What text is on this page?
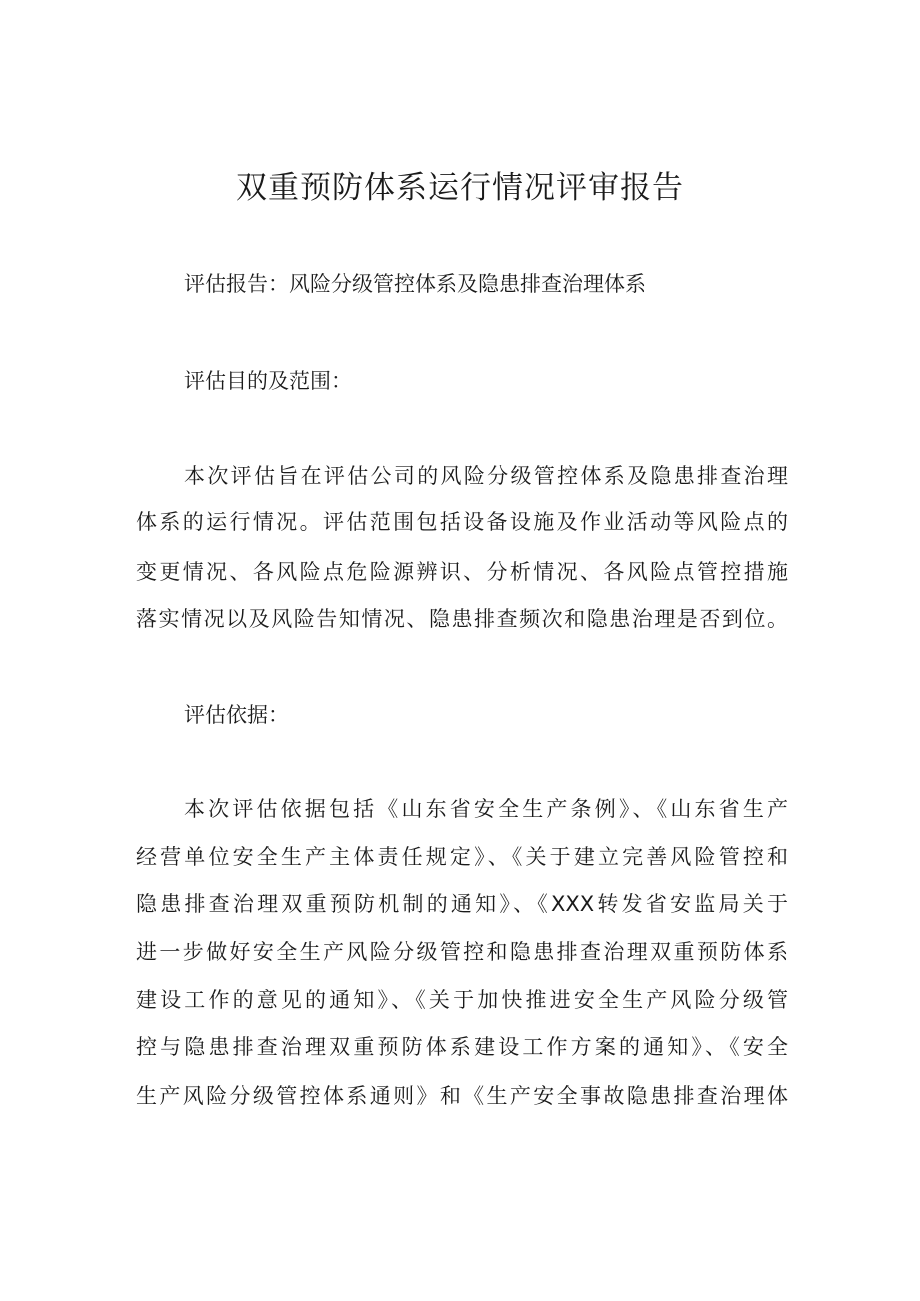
双重预防体系运行情况评审报告
评估报告：风险分级管控体系及隐患排查治理体系
评估目的及范围：
本次评估旨在评估公司的风险分级管控体系及隐患排查治理
体系的运行情况。评估范围包括设备设施及作业活动等风险点的
变更情况、各风险点危险源辨识、分析情况、各风险点管控措施
落实情况以及风险告知情况、隐患排查频次和隐患治理是否到位。
评估依据：
本次评估依据包括《山东省安全生产条例》、《山东省生产
经营单位安全生产主体责任规定》、《关于建立完善风险管控和
隐患排查治理双重预防机制的通知》、《XXX转发省安监局关于
进一步做好安全生产风险分级管控和隐患排查治理双重预防体系
建设工作的意见的通知》、《关于加快推进安全生产风险分级管
控与隐患排查治理双重预防体系建设工作方案的通知》、《安全
生产风险分级管控体系通则》和《生产安全事故隐患排查治理体
